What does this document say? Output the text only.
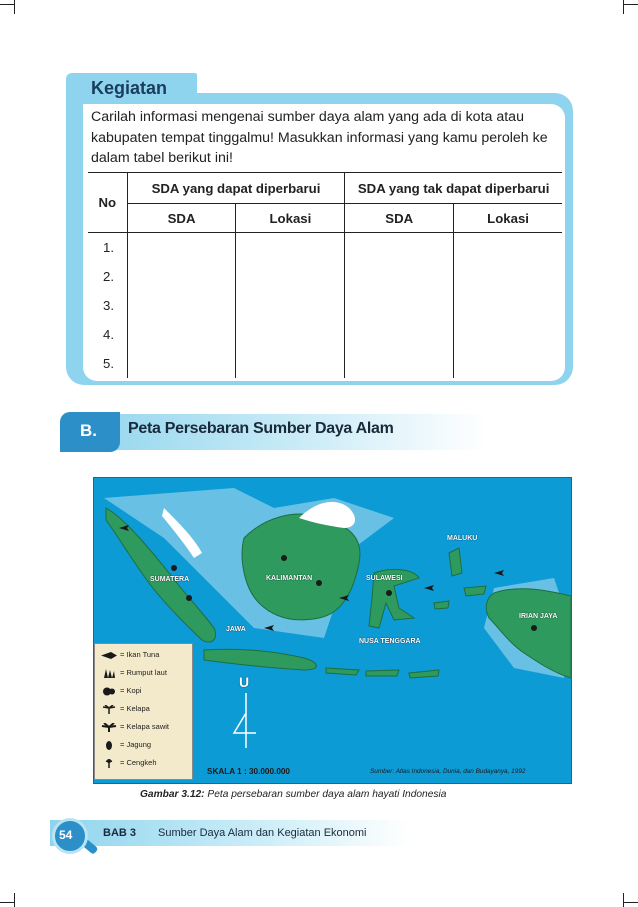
Kegiatan
Carilah informasi mengenai sumber daya alam yang ada di kota atau kabupaten tempat tinggalmu! Masukkan informasi yang kamu peroleh ke dalam tabel berikut ini!
No	SDA yang dapat diperbarui		SDA yang tak dapat diperbarui	
	SDA	Lokasi	SDA	Lokasi
1.				
2.				
3.				
4.				
5.				
B. Peta Persebaran Sumber Daya Alam
SUMATERA	KALIMANTAN	SULAWESI
MALUKU
IRIAN JAYA
JAWA
NUSA TENGGARA
U
= Ikan Tuna
= Rumput laut
= Kopi
= Kelapa
= Kelapa sawit
= Jagung
= Cengkeh
SKALA 1 : 30.000.000	Sumber: Atlas Indonesia, Dunia, dan Budayanya, 1992
Gambar 3.12: Peta persebaran sumber daya alam hayati Indonesia
54	BAB 3 Sumber Daya Alam dan Kegiatan Ekonomi
